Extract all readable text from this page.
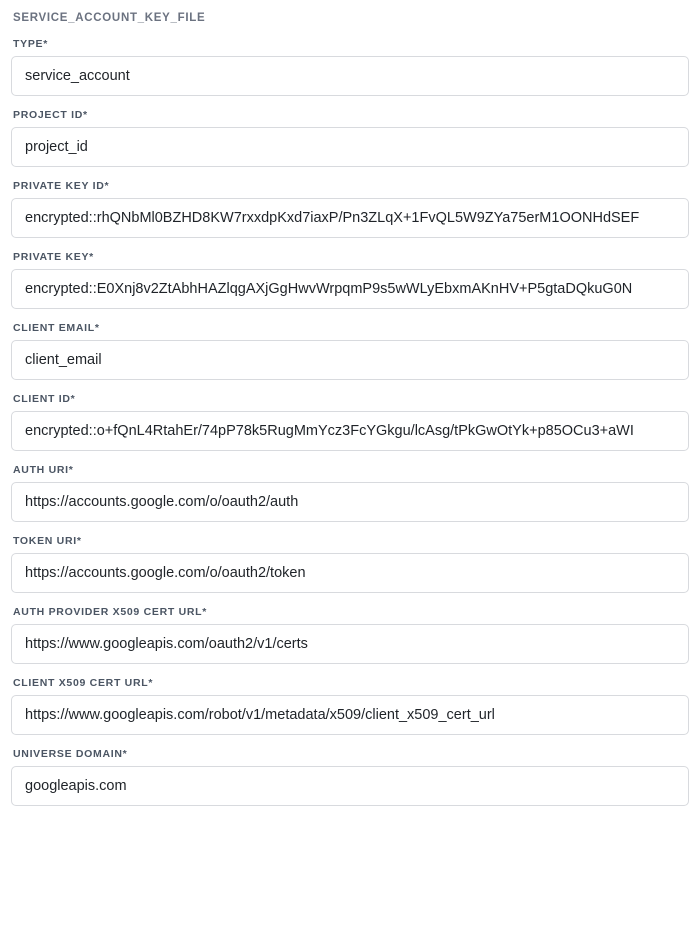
SERVICE_ACCOUNT_KEY_FILE
TYPE*
service_account
PROJECT ID*
project_id
PRIVATE KEY ID*
encrypted::rhQNbMl0BZHD8KW7rxxdpKxd7iaxP/Pn3ZLqX+1FvQL5W9ZYa75erM1OONHdSEF
PRIVATE KEY*
encrypted::E0Xnj8v2ZtAbhHAZlqgAXjGgHwvWrpqmP9s5wWLyEbxmAKnHV+P5gtaDQkuG0N
CLIENT EMAIL*
client_email
CLIENT ID*
encrypted::o+fQnL4RtahEr/74pP78k5RugMmYcz3FcYGkgu/lcAsg/tPkGwOtYk+p85OCu3+aWI
AUTH URI*
https://accounts.google.com/o/oauth2/auth
TOKEN URI*
https://accounts.google.com/o/oauth2/token
AUTH PROVIDER X509 CERT URL*
https://www.googleapis.com/oauth2/v1/certs
CLIENT X509 CERT URL*
https://www.googleapis.com/robot/v1/metadata/x509/client_x509_cert_url
UNIVERSE DOMAIN*
googleapis.com
